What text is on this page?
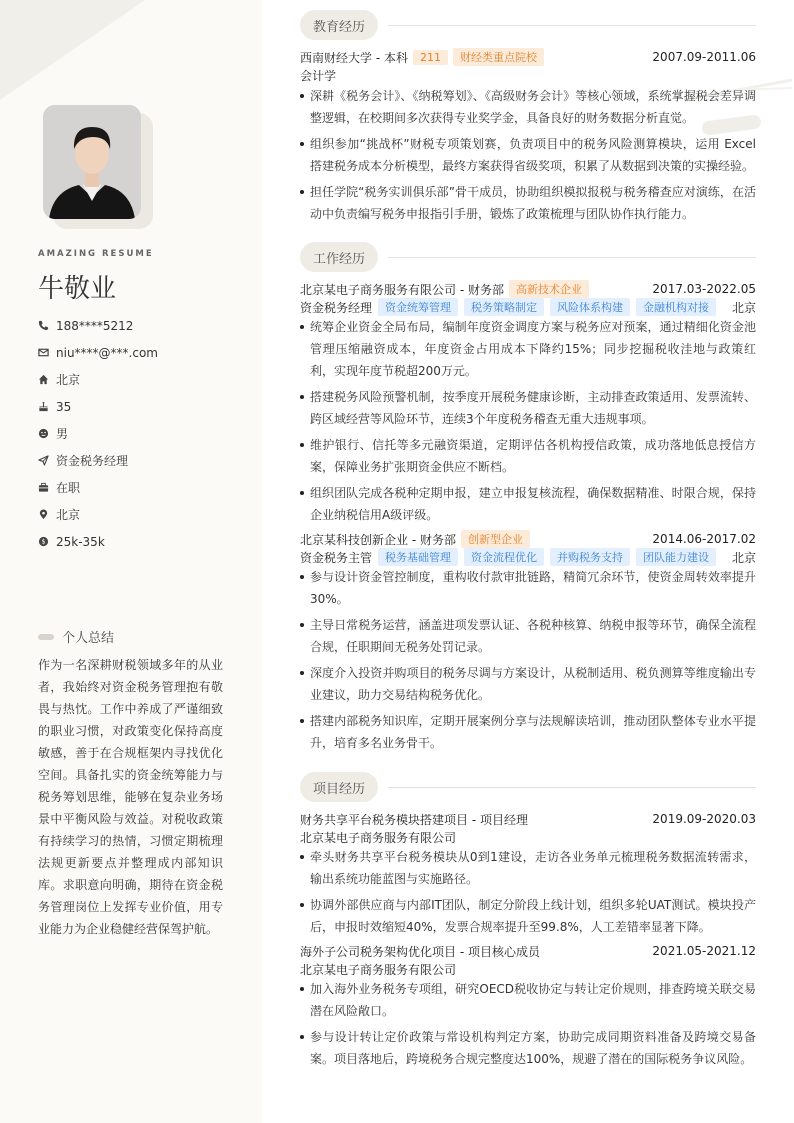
AMAZING RESUME
牛敬业
188****5212
niu****@***.com
北京
35
男
资金税务经理
在职
北京
$ 25k-35k
个人总结
作为一名深耕财税领域多年的从业者，我始终对资金税务管理抱有敬畏与热忱。工作中养成了严谨细致的职业习惯，对政策变化保持高度敏感，善于在合规框架内寻找优化空间。具备扎实的资金统筹能力与税务筹划思维，能够在复杂业务场景中平衡风险与效益。对税收政策有持续学习的热情，习惯定期梳理法规更新要点并整理成内部知识库。求职意向明确，期待在资金税务管理岗位上发挥专业价值，用专业能力为企业稳健经营保驾护航。
教育经历
西南财经大学 - 本科	211	财经类重点院校	2007.09-2011.06
会计学
深耕《税务会计》、《纳税筹划》、《高级财务会计》等核心领域，系统掌握税会差异调整逻辑，在校期间多次获得专业奖学金，具备良好的财务数据分析直觉。
组织参加“挑战杯”财税专项策划赛，负责项目中的税务风险测算模块，运用 Excel 搭建税务成本分析模型，最终方案获得省级奖项，积累了从数据到决策的实操经验。
担任学院“税务实训俱乐部”骨干成员，协助组织模拟报税与税务稽查应对演练，在活动中负责编写税务申报指引手册，锻炼了政策梳理与团队协作执行能力。
工作经历
北京某电子商务服务有限公司 - 财务部	高新技术企业	2017.03-2022.05
资金税务经理	资金统筹管理	税务策略制定	风险体系构建	金融机构对接	北京
统筹企业资金全局布局，编制年度资金调度方案与税务应对预案，通过精细化资金池管理压缩融资成本，年度资金占用成本下降约15%；同步挖掘税收洼地与政策红利，实现年度节税超200万元。
搭建税务风险预警机制，按季度开展税务健康诊断，主动排查政策适用、发票流转、跨区域经营等风险环节，连续3个年度税务稽查无重大违规事项。
维护银行、信托等多元融资渠道，定期评估各机构授信政策，成功落地低息授信方案，保障业务扩张期资金供应不断档。
组织团队完成各税种定期申报，建立申报复核流程，确保数据精准、时限合规，保持企业纳税信用A级评级。
北京某科技创新企业 - 财务部	创新型企业	2014.06-2017.02
资金税务主管	税务基础管理	资金流程优化	并购税务支持	团队能力建设	北京
参与设计资金管控制度，重构收付款审批链路，精简冗余环节，使资金周转效率提升30%。
主导日常税务运营，涵盖进项发票认证、各税种核算、纳税申报等环节，确保全流程合规，任职期间无税务处罚记录。
深度介入投资并购项目的税务尽调与方案设计，从税制适用、税负测算等维度输出专业建议，助力交易结构税务优化。
搭建内部税务知识库，定期开展案例分享与法规解读培训，推动团队整体专业水平提升，培育多名业务骨干。
项目经历
财务共享平台税务模块搭建项目 - 项目经理	2019.09-2020.03
北京某电子商务服务有限公司
牵头财务共享平台税务模块从0到1建设，走访各业务单元梳理税务数据流转需求，输出系统功能蓝图与实施路径。
协调外部供应商与内部IT团队，制定分阶段上线计划，组织多轮UAT测试。模块投产后，申报时效缩短40%，发票合规率提升至99.8%，人工差错率显著下降。
海外子公司税务架构优化项目 - 项目核心成员	2021.05-2021.12
北京某电子商务服务有限公司
加入海外业务税务专项组，研究OECD税收协定与转让定价规则，排查跨境关联交易潜在风险敞口。
参与设计转让定价政策与常设机构判定方案，协助完成同期资料准备及跨境交易备案。项目落地后，跨境税务合规完整度达100%，规避了潜在的国际税务争议风险。
